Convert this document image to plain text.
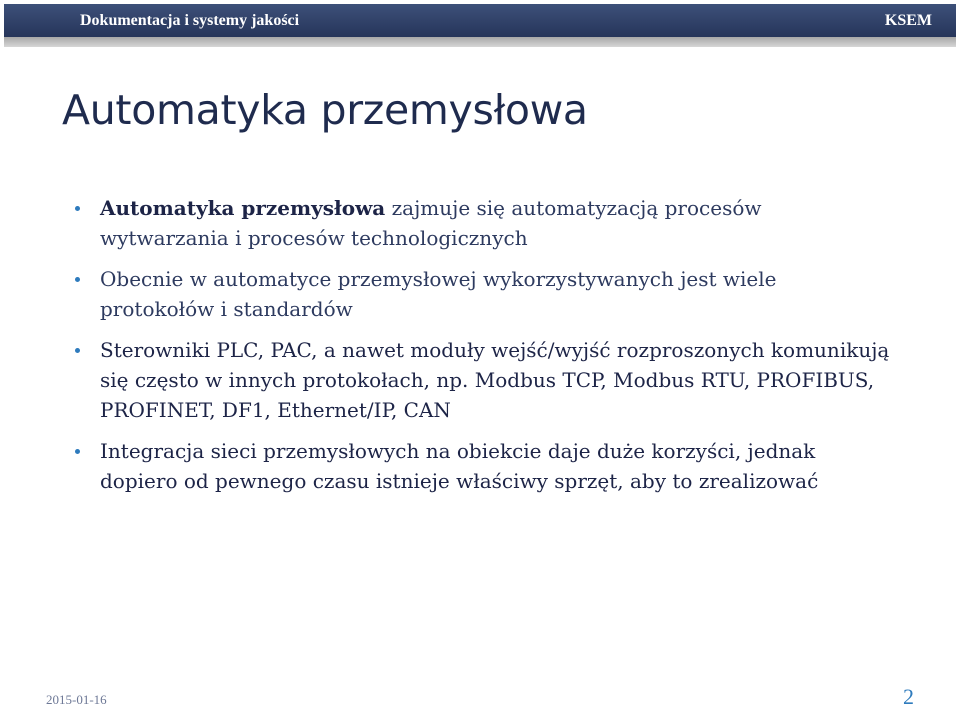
Dokumentacja i systemy jakości	KSEM
Automatyka przemysłowa
Automatyka przemysłowa zajmuje się automatyzacją procesów wytwarzania i procesów technologicznych
Obecnie w automatyce przemysłowej wykorzystywanych jest wiele protokołów i standardów
Sterowniki PLC, PAC, a nawet moduły wejść/wyjść rozproszonych komunikują się często w innych protokołach, np. Modbus TCP, Modbus RTU, PROFIBUS, PROFINET, DF1, Ethernet/IP, CAN
Integracja sieci przemysłowych na obiekcie daje duże korzyści, jednak dopiero od pewnego czasu istnieje właściwy sprzęt, aby to zrealizować
2015-01-16	2
